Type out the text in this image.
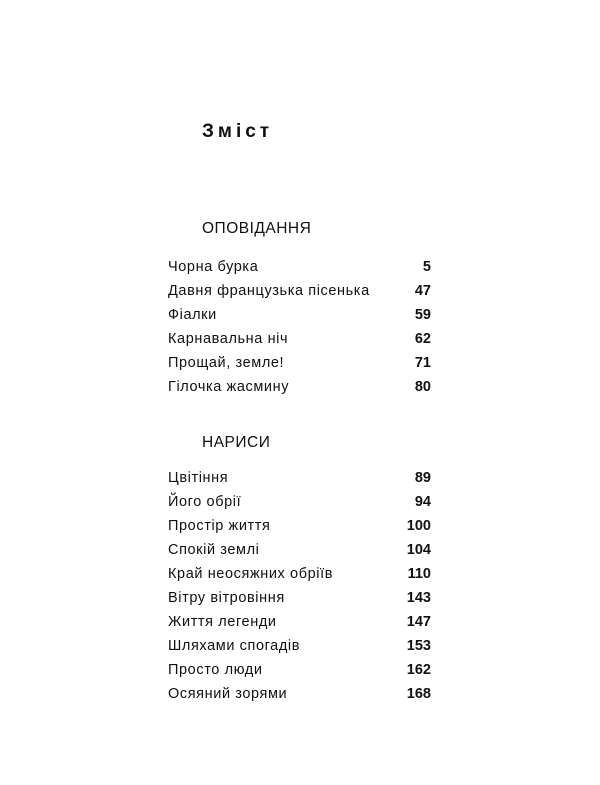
Зміст
ОПОВІДАННЯ
Чорна бурка	5
Давня французька пісенька	47
Фіалки	59
Карнавальна ніч	62
Прощай, земле!	71
Гілочка жасмину	80
НАРИСИ
Цвітіння	89
Його обрії	94
Простір життя	100
Спокій землі	104
Край неосяжних обріїв	110
Вітру вітровіння	143
Життя легенди	147
Шляхами спогадів	153
Просто люди	162
Осяяний зорями	168
